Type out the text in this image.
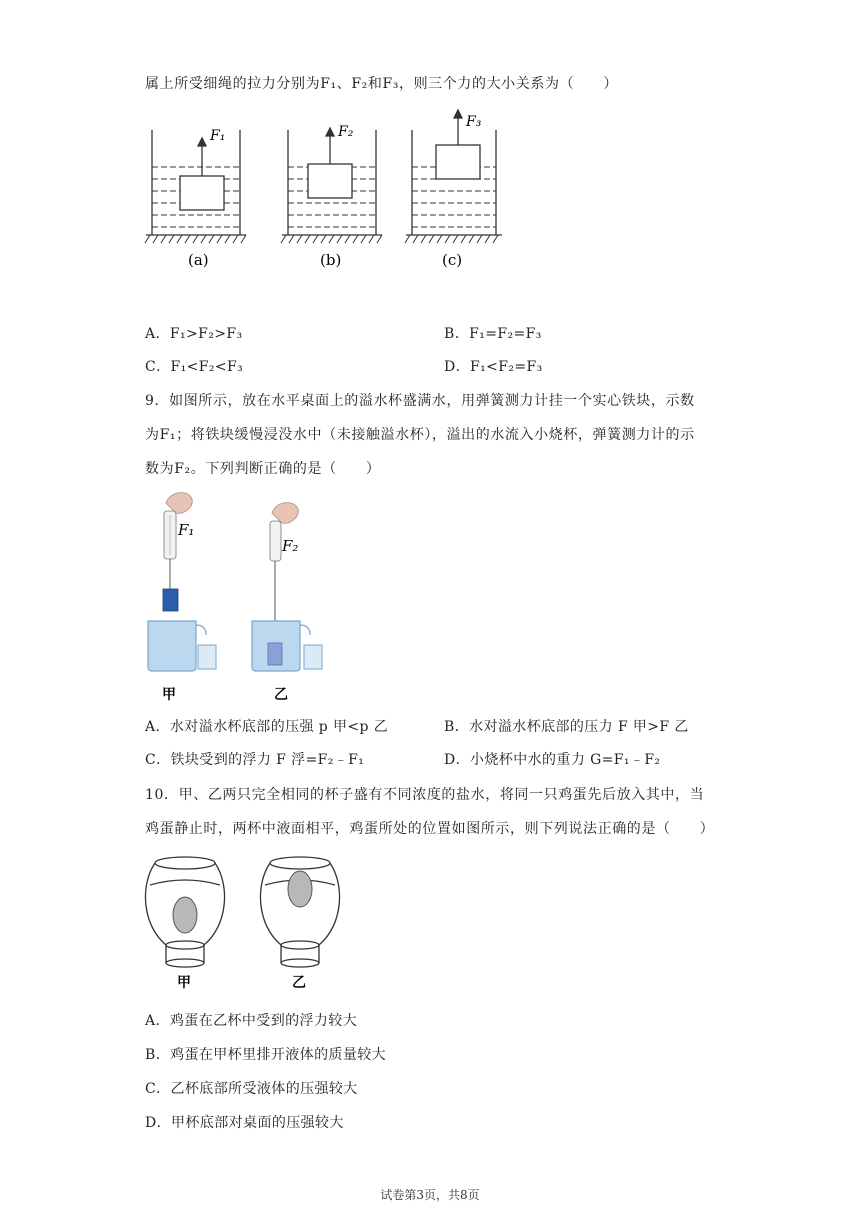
属上所受细绳的拉力分别为F₁、F₂和F₃，则三个力的大小关系为（　　）
F₁	F₂
F₃
(a)	(b)	(c)
A．F₁>F₂>F₃	B．F₁=F₂=F₃
C．F₁<F₂<F₃	D．F₁<F₂=F₃
9．如图所示，放在水平桌面上的溢水杯盛满水，用弹簧测力计挂一个实心铁块，示数
为F₁；将铁块缓慢浸没水中（未接触溢水杯），溢出的水流入小烧杯，弹簧测力计的示
数为F₂。下列判断正确的是（　　）
F₁
F₂
甲	乙
A．水对溢水杯底部的压强 p 甲<p 乙	B．水对溢水杯底部的压力 F 甲>F 乙
C．铁块受到的浮力 F 浮=F₂﹣F₁	D．小烧杯中水的重力 G=F₁﹣F₂
10．甲、乙两只完全相同的杯子盛有不同浓度的盐水，将同一只鸡蛋先后放入其中，当
鸡蛋静止时，两杯中液面相平，鸡蛋所处的位置如图所示，则下列说法正确的是（　　）
甲	乙
A．鸡蛋在乙杯中受到的浮力较大
B．鸡蛋在甲杯里排开液体的质量较大
C．乙杯底部所受液体的压强较大
D．甲杯底部对桌面的压强较大
试卷第3页，共8页
